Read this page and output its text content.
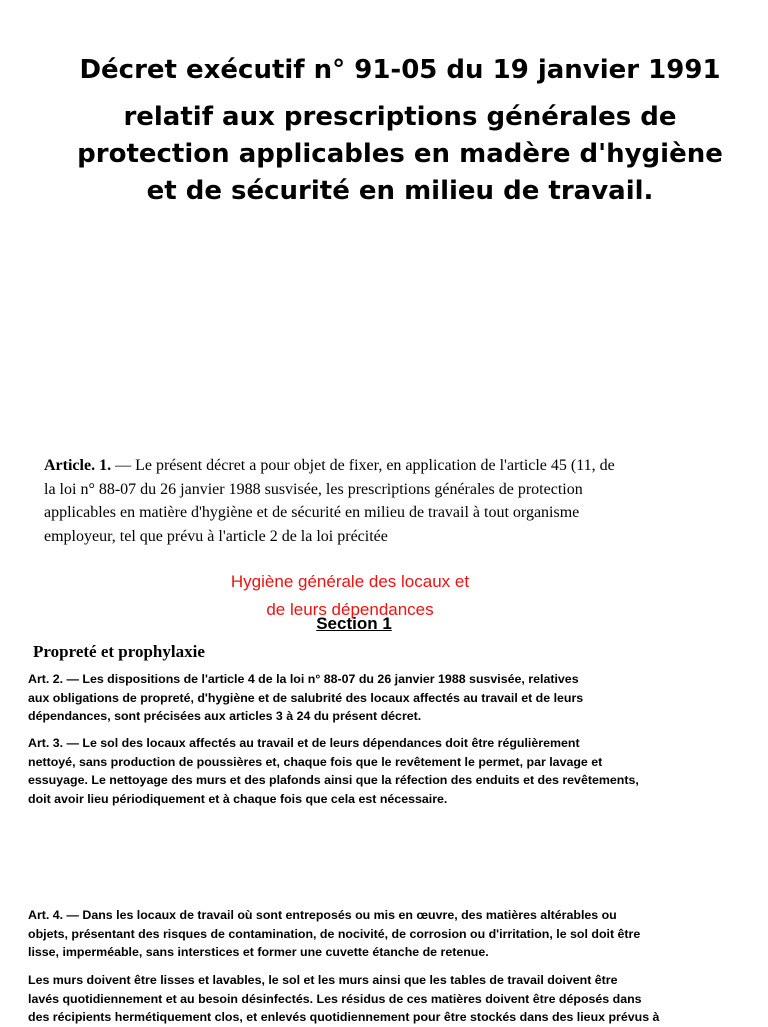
Décret exécutif n° 91-05 du 19 janvier 1991
relatif aux prescriptions générales de
protection applicables en madère d'hygiène
et de sécurité en milieu de travail.

Article. 1. — Le présent décret a pour objet de fixer, en application de l'article 45 (11, de la loi n° 88-07 du 26 janvier 1988 susvisée, les prescriptions générales de protection applicables en matière d'hygiène et de sécurité en milieu de travail à tout organisme employeur, tel que prévu à l'article 2 de la loi précitée

Hygiène générale des locaux et
de leurs dépendances

Section 1

Propreté et prophylaxie

Art. 2. — Les dispositions de l'article 4 de la loi n° 88-07 du 26 janvier 1988 susvisée, relatives
aux obligations de propreté, d'hygiène et de salubrité des locaux affectés au travail et de leurs
dépendances, sont précisées aux articles 3 à 24 du présent décret.

Art. 3. — Le sol des locaux affectés au travail et de leurs dépendances doit être régulièrement
nettoyé, sans production de poussières et, chaque fois que le revêtement le permet, par lavage et
essuyage. Le nettoyage des murs et des plafonds ainsi que la réfection des enduits et des revêtements,
doit avoir lieu périodiquement et à chaque fois que cela est nécessaire.

Art. 4. — Dans les locaux de travail où sont entreposés ou mis en œuvre, des matières altérables ou
objets, présentant des risques de contamination, de nocivité, de corrosion ou d'irritation, le sol doit être
lisse, imperméable, sans interstices et former une cuvette étanche de retenue.

Les murs doivent être lisses et lavables, le sol et les murs ainsi que les tables de travail doivent être
lavés quotidiennement et au besoin désinfectés. Les résidus de ces matières doivent être déposés dans
des récipients hermétiquement clos, et enlevés quotidiennement pour être stockés dans des lieux prévus à
